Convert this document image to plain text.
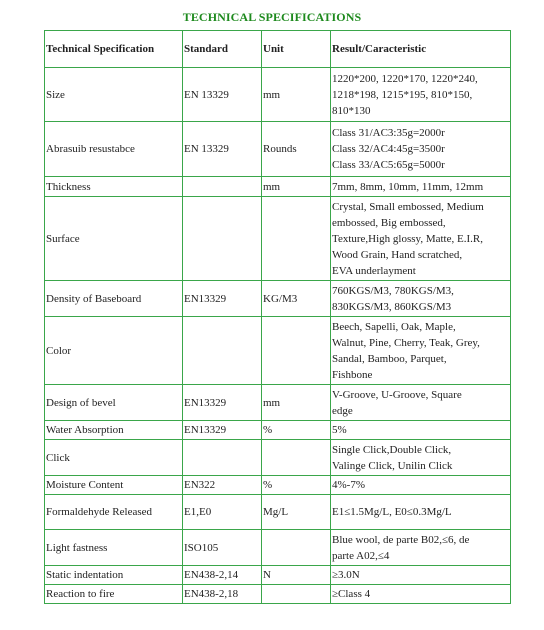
TECHNICAL SPECIFICATIONS
Technical Specification	Standard	Unit	Result/Caracteristic
Size	EN 13329	mm	1220*200, 1220*170, 1220*240,
1218*198, 1215*195, 810*150,
810*130
Abrasuib resustabce	EN 13329	Rounds	Class 31/AC3:35g=2000r
Class 32/AC4:45g=3500r
Class 33/AC5:65g=5000r
Thickness		mm	7mm, 8mm, 10mm, 11mm, 12mm
Surface			Crystal, Small embossed, Medium
embossed, Big embossed,
Texture,High glossy, Matte, E.I.R,
Wood Grain, Hand scratched,
EVA underlayment
Density of Baseboard	EN13329	KG/M3	760KGS/M3, 780KGS/M3,
830KGS/M3, 860KGS/M3
Color			Beech, Sapelli, Oak, Maple,
Walnut, Pine, Cherry, Teak, Grey,
Sandal, Bamboo, Parquet,
Fishbone
Design of bevel	EN13329	mm	V-Groove, U-Groove, Square
edge
Water Absorption	EN13329	%	5%
Click			Single Click,Double Click,
Valinge Click, Unilin Click
Moisture Content	EN322	%	4%-7%
Formaldehyde Released	E1,E0	Mg/L	E1≤1.5Mg/L, E0≤0.3Mg/L
Light fastness	ISO105		Blue wool, de parte B02,≤6, de
parte A02,≤4
Static indentation	EN438-2,14	N	≥3.0N
Reaction to fire	EN438-2,18		≥Class 4
